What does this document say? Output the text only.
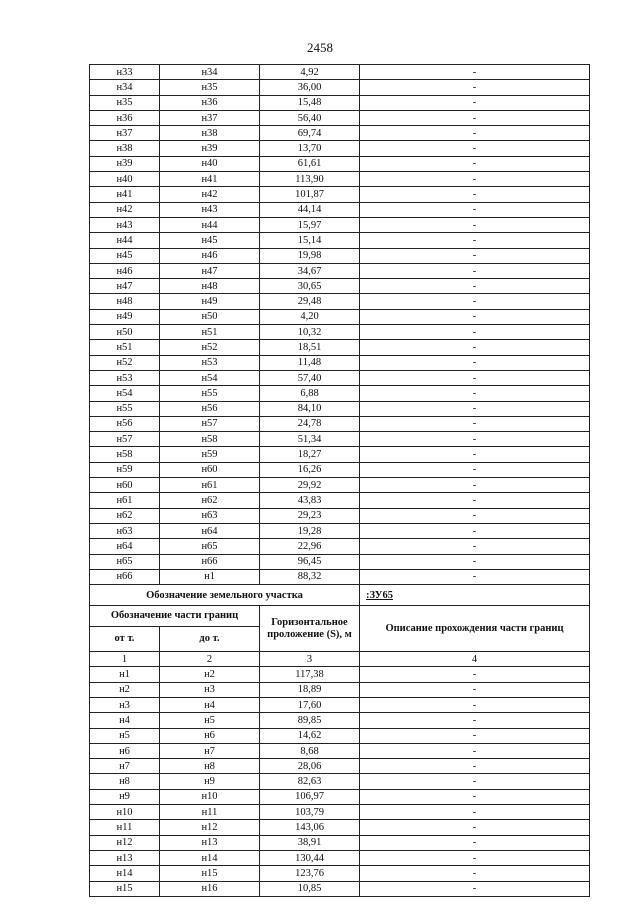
2458
н33	н34	4,92	-
н34	н35	36,00	-
н35	н36	15,48	-
н36	н37	56,40	-
н37	н38	69,74	-
н38	н39	13,70	-
н39	н40	61,61	-
н40	н41	113,90	-
н41	н42	101,87	-
н42	н43	44,14	-
н43	н44	15,97	-
н44	н45	15,14	-
н45	н46	19,98	-
н46	н47	34,67	-
н47	н48	30,65	-
н48	н49	29,48	-
н49	н50	4,20	-
н50	н51	10,32	-
н51	н52	18,51	-
н52	н53	11,48	-
н53	н54	57,40	-
н54	н55	6,88	-
н55	н56	84,10	-
н56	н57	24,78	-
н57	н58	51,34	-
н58	н59	18,27	-
н59	н60	16,26	-
н60	н61	29,92	-
н61	н62	43,83	-
н62	н63	29,23	-
н63	н64	19,28	-
н64	н65	22,96	-
н65	н66	96,45	-
н66	н1	88,32	-
Обозначение земельного участка			:ЗУ65
Обозначение части границ		Горизонтальное проложение (S), м	Описание прохождения части границ
от т.	до т.		
1	2	3	4
н1	н2	117,38	-
н2	н3	18,89	-
н3	н4	17,60	-
н4	н5	89,85	-
н5	н6	14,62	-
н6	н7	8,68	-
н7	н8	28,06	-
н8	н9	82,63	-
н9	н10	106,97	-
н10	н11	103,79	-
н11	н12	143,06	-
н12	н13	38,91	-
н13	н14	130,44	-
н14	н15	123,76	-
н15	н16	10,85	-
